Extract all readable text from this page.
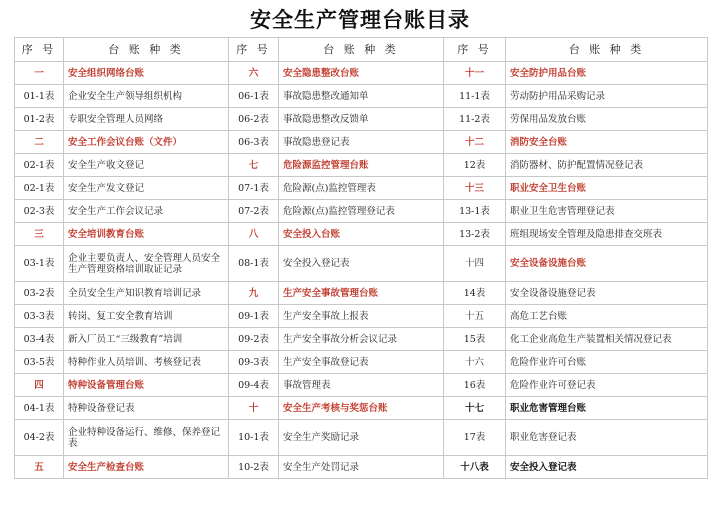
安全生产管理台账目录
序 号	台 账 种 类	序 号	台 账 种 类	序 号	台 账 种 类
一	安全组织网络台账	六	安全隐患整改台账	十一	安全防护用品台账
01-1表	企业安全生产领导组织机构	06-1表	事故隐患整改通知单	11-1表	劳动防护用品采购记录
01-2表	专职安全管理人员网络	06-2表	事故隐患整改反馈单	11-2表	劳保用品发放台账
二	安全工作会议台账（文件）	06-3表	事故隐患登记表	十二	消防安全台账
02-1表	安全生产收文登记	七	危险源监控管理台账	12表	消防器材、防护配置情况登记表
02-1表	安全生产发文登记	07-1表	危险源(点)监控管理表	十三	职业安全卫生台账
02-3表	安全生产工作会议记录	07-2表	危险源(点)监控管理登记表	13-1表	职业卫生危害管理登记表
三	安全培训教育台账	八	安全投入台账	13-2表	班组现场安全管理及隐患排查交班表
03-1表	企业主要负责人、安全管理人员安全生产管理资格培训取证记录	08-1表	安全投入登记表	十四	安全设备设施台账
03-2表	全员安全生产知识教育培训记录	九	生产安全事故管理台账	14表	安全设备设施登记表
03-3表	转岗、复工安全教育培训	09-1表	生产安全事故上报表	十五	高危工艺台账
03-4表	新入厂员工“三级教育”培训	09-2表	生产安全事故分析会议记录	15表	化工企业高危生产装置相关情况登记表
03-5表	特种作业人员培训、考核登记表	09-3表	生产安全事故登记表	十六	危险作业许可台账
四	特种设备管理台账	09-4表	事故管理表	16表	危险作业许可登记表
04-1表	特种设备登记表	十	安全生产考核与奖惩台账	十七	职业危害管理台账
04-2表	企业特种设备运行、维修、保养登记表	10-1表	安全生产奖励记录	17表	职业危害登记表
五	安全生产检查台账	10-2表	安全生产处罚记录	十八表	安全投入登记表
